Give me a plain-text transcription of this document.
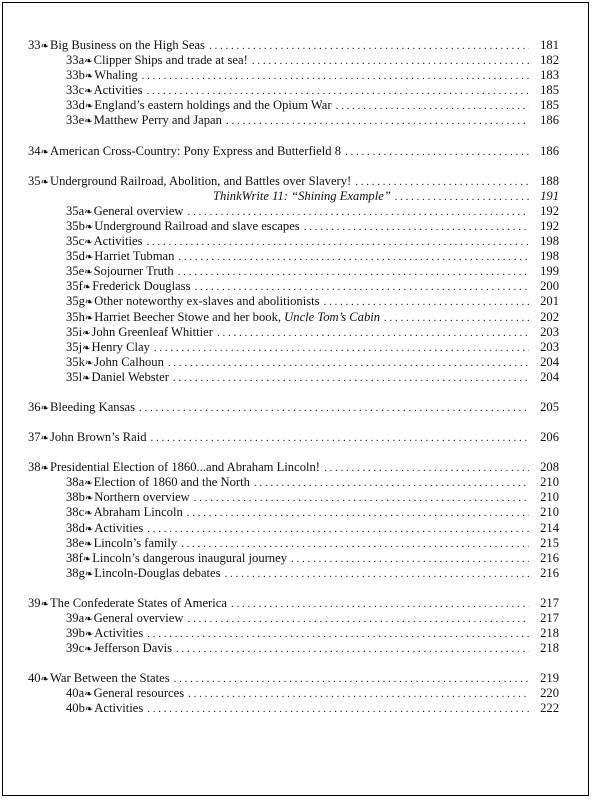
33 ❧ Big Business on the High Seas . . .	181
33a ❧ Clipper Ships and trade at sea! . . .	182
33b ❧ Whaling . . .	183
33c ❧ Activities . . .	185
33d ❧ England’s eastern holdings and the Opium War . . .	185
33e ❧ Matthew Perry and Japan . . .	186
34 ❧ American Cross-Country: Pony Express and Butterfield 8 . . .	186
35 ❧ Underground Railroad, Abolition, and Battles over Slavery! . . .	188
ThinkWrite 11: “Shining Example” . . .	191
35a ❧ General overview . . .	192
35b ❧ Underground Railroad and slave escapes . . .	192
35c ❧ Activities . . .	198
35d ❧ Harriet Tubman . . .	198
35e ❧ Sojourner Truth . . .	199
35f ❧ Frederick Douglass . . .	200
35g ❧ Other noteworthy ex-slaves and abolitionists . . .	201
35h ❧ Harriet Beecher Stowe and her book, Uncle Tom’s Cabin . . .	202
35i ❧ John Greenleaf Whittier . . .	203
35j ❧ Henry Clay . . .	203
35k ❧ John Calhoun . . .	204
35l ❧ Daniel Webster . . .	204
36 ❧ Bleeding Kansas . . .	205
37 ❧ John Brown’s Raid . . .	206
38 ❧ Presidential Election of 1860...and Abraham Lincoln! . . .	208
38a ❧ Election of 1860 and the North . . .	210
38b ❧ Northern overview . . .	210
38c ❧ Abraham Lincoln . . .	210
38d ❧ Activities . . .	214
38e ❧ Lincoln’s family . . .	215
38f ❧ Lincoln’s dangerous inaugural journey . . .	216
38g ❧ Lincoln-Douglas debates . . .	216
39 ❧ The Confederate States of America . . .	217
39a ❧ General overview . . .	217
39b ❧ Activities . . .	218
39c ❧ Jefferson Davis . . .	218
40 ❧ War Between the States . . .	219
40a ❧ General resources . . .	220
40b ❧ Activities . . .	222
